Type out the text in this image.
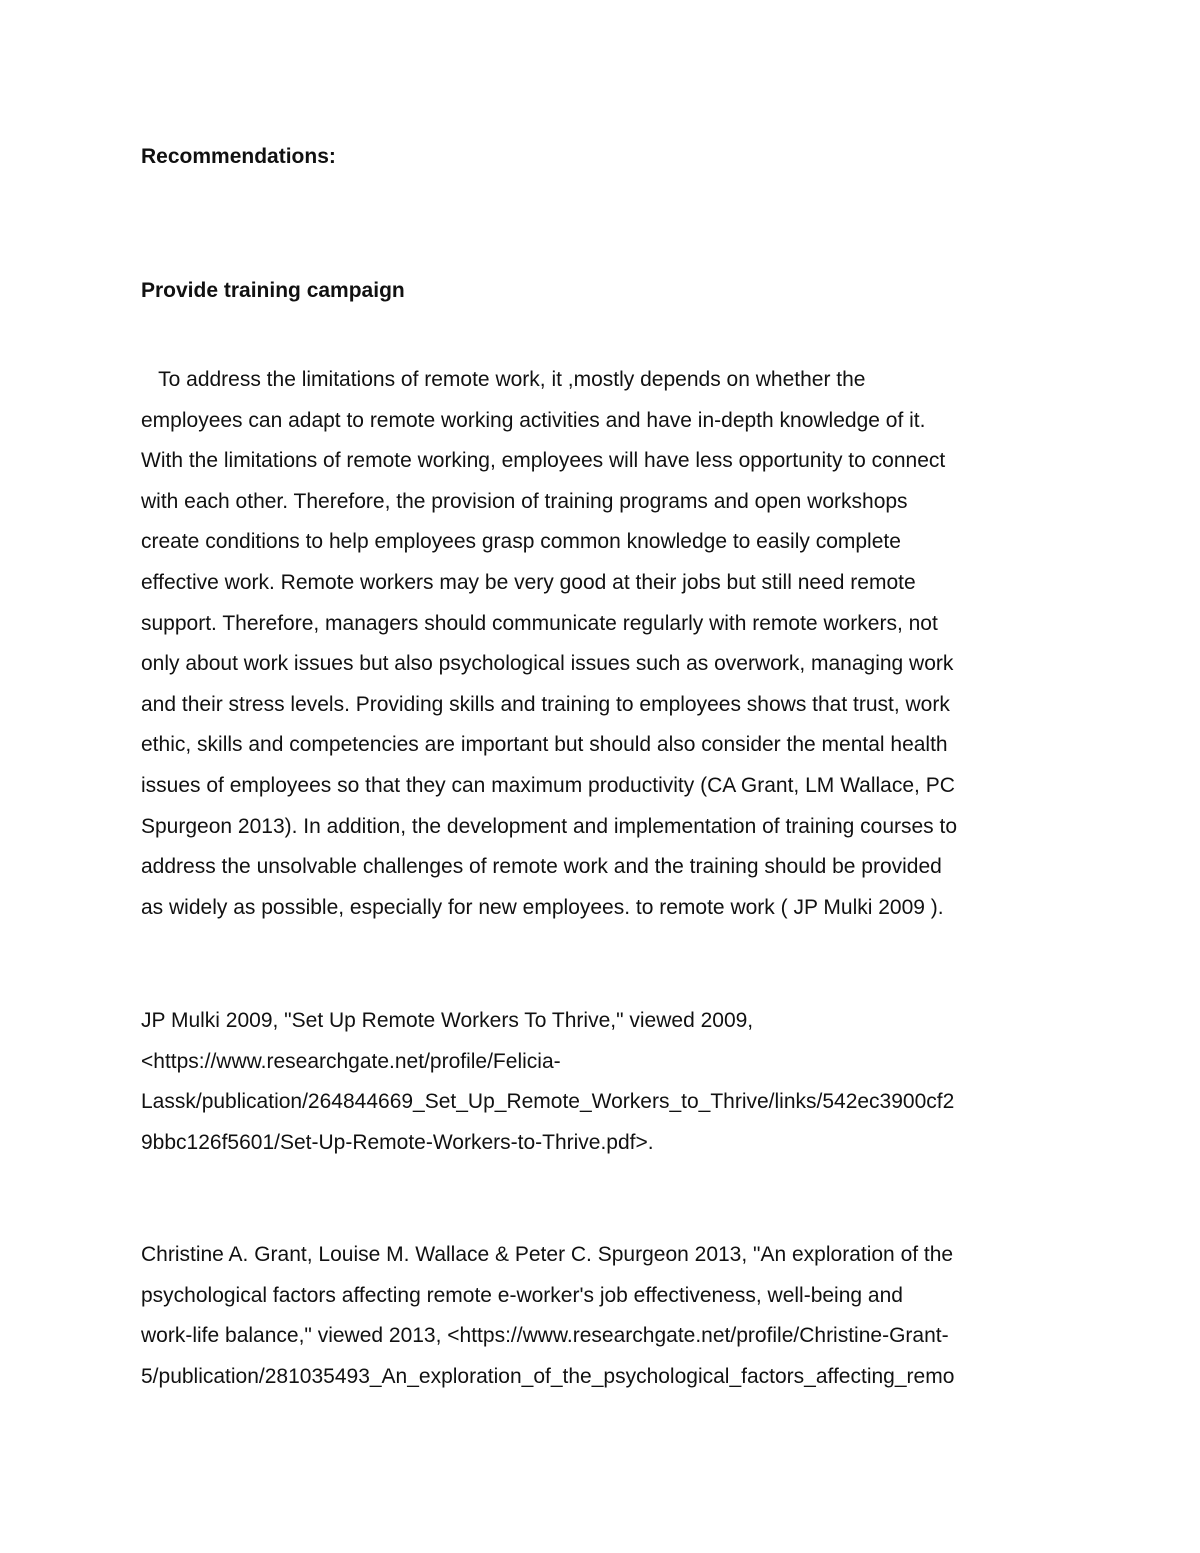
Recommendations:
Provide training campaign
To address the limitations of remote work, it ,mostly depends on whether the
employees can adapt to remote working activities and have in-depth knowledge of it.
With the limitations of remote working, employees will have less opportunity to connect
with each other. Therefore, the provision of training programs and open workshops
create conditions to help employees grasp common knowledge to easily complete
effective work. Remote workers may be very good at their jobs but still need remote
support. Therefore, managers should communicate regularly with remote workers, not
only about work issues but also psychological issues such as overwork, managing work
and their stress levels. Providing skills and training to employees shows that trust, work
ethic, skills and competencies are important but should also consider the mental health
issues of employees so that they can maximum productivity (CA Grant, LM Wallace, PC
Spurgeon 2013). In addition, the development and implementation of training courses to
address the unsolvable challenges of remote work and the training should be provided
as widely as possible, especially for new employees. to remote work ( JP Mulki 2009 ).
JP Mulki 2009, "Set Up Remote Workers To Thrive," viewed 2009,
<https://www.researchgate.net/profile/Felicia-
Lassk/publication/264844669_Set_Up_Remote_Workers_to_Thrive/links/542ec3900cf2
9bbc126f5601/Set-Up-Remote-Workers-to-Thrive.pdf>.
Christine A. Grant, Louise M. Wallace & Peter C. Spurgeon 2013, "An exploration of the
psychological factors affecting remote e-worker's job effectiveness, well-being and
work-life balance," viewed 2013, <https://www.researchgate.net/profile/Christine-Grant-
5/publication/281035493_An_exploration_of_the_psychological_factors_affecting_remo
